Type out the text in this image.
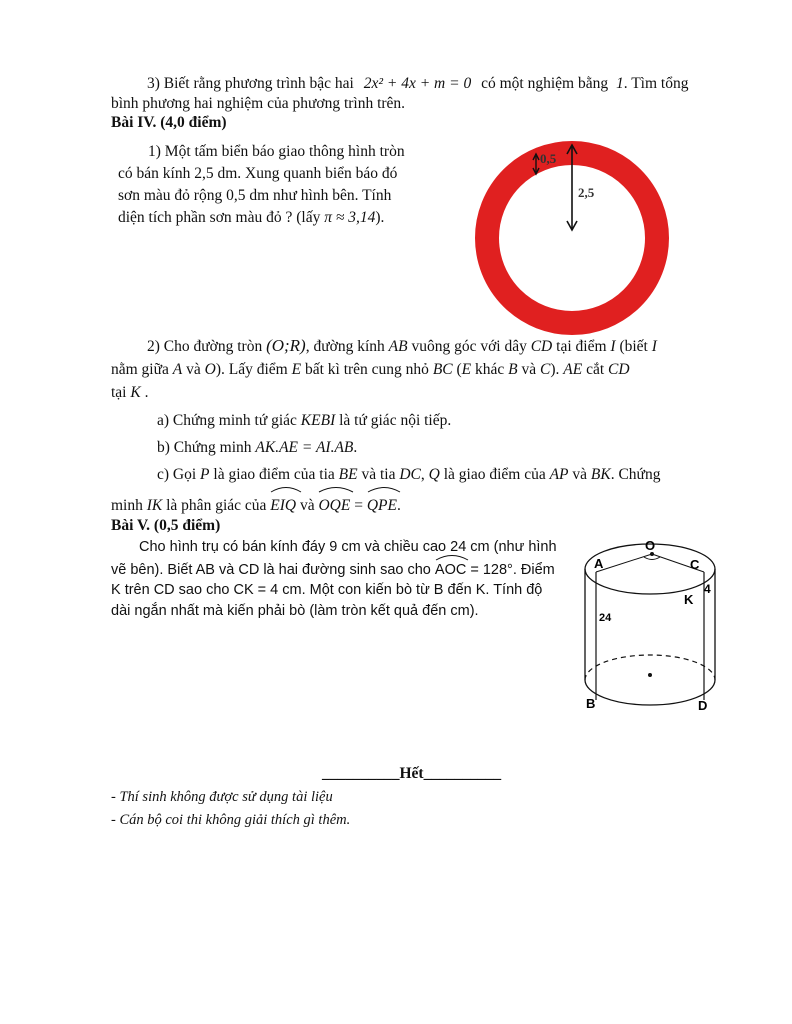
3) Biết rằng phương trình bậc hai 2x² + 4x + m = 0 có một nghiệm bằng 1. Tìm tổng

bình phương hai nghiệm của phương trình trên.

Bài IV. (4,0 điểm)

1) Một tấm biển báo giao thông hình tròn

có bán kính 2,5 dm. Xung quanh biển báo đó

sơn màu đỏ rộng 0,5 dm như hình bên. Tính

diện tích phần sơn màu đỏ ? (lấy π ≈ 3,14).

0,5
2,5

2) Cho đường tròn (O;R), đường kính AB vuông góc với dây CD tại điểm I (biết I

nằm giữa A và O). Lấy điểm E bất kì trên cung nhỏ BC (E khác B và C). AE cắt CD

tại K .

a) Chứng minh tứ giác KEBI là tứ giác nội tiếp.

b) Chứng minh AK.AE = AI.AB.

c) Gọi P là giao điểm của tia BE và tia DC, Q là giao điểm của AP và BK. Chứng

minh IK là phân giác của EIQ và OQE = QPE.

Bài V. (0,5 điểm)

Cho hình trụ có bán kính đáy 9 cm và chiều cao 24 cm (như hình

vẽ bên). Biết AB và CD là hai đường sinh sao cho AOC = 128°. Điểm

K trên CD sao cho CK = 4 cm. Một con kiến bò từ B đến K. Tính độ

dài ngắn nhất mà kiến phải bò (làm tròn kết quả đến cm).

O
A	C
K
4
24
B	D
__________Hết__________

- Thí sinh không được sử dụng tài liệu

- Cán bộ coi thi không giải thích gì thêm.
